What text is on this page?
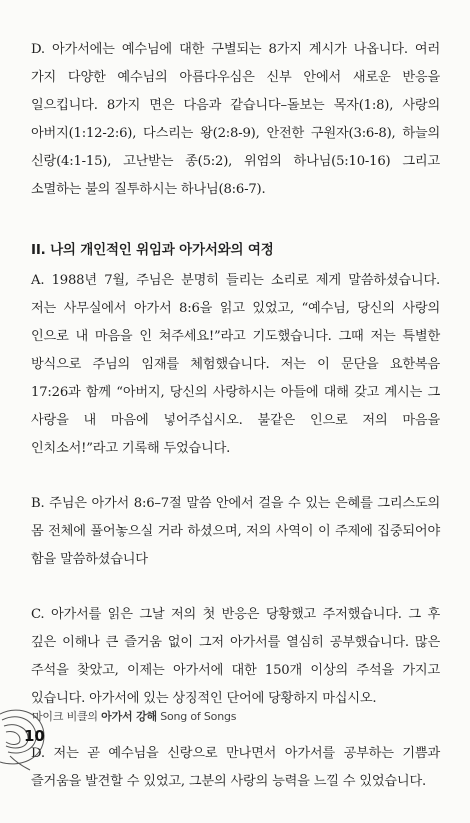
D. 아가서에는 예수님에 대한 구별되는 8가지 계시가 나옵니다. 여러 가지 다양한 예수님의 아름다우심은 신부 안에서 새로운 반응을 일으킵니다. 8가지 면은 다음과 같습니다–돌보는 목자(1:8), 사랑의 아버지(1:12-2:6), 다스리는 왕(2:8-9), 안전한 구원자(3:6-8), 하늘의 신랑(4:1-15), 고난받는 종(5:2), 위엄의 하나님(5:10-16) 그리고 소멸하는 불의 질투하시는 하나님(8:6-7).

II. 나의 개인적인 위임과 아가서와의 여정

A. 1988년 7월, 주님은 분명히 들리는 소리로 제게 말씀하셨습니다. 저는 사무실에서 아가서 8:6을 읽고 있었고, “예수님, 당신의 사랑의 인으로 내 마음을 인 쳐주세요!”라고 기도했습니다. 그때 저는 특별한 방식으로 주님의 임재를 체험했습니다. 저는 이 문단을 요한복음 17:26과 함께 “아버지, 당신의 사랑하시는 아들에 대해 갖고 계시는 그 사랑을 내 마음에 넣어주십시오. 불같은 인으로 저의 마음을 인치소서!”라고 기록해 두었습니다.

B. 주님은 아가서 8:6–7절 말씀 안에서 걸을 수 있는 은혜를 그리스도의 몸 전체에 풀어놓으실 거라 하셨으며, 저의 사역이 이 주제에 집중되어야 함을 말씀하셨습니다

C. 아가서를 읽은 그날 저의 첫 반응은 당황했고 주저했습니다. 그 후 깊은 이해나 큰 즐거움 없이 그저 아가서를 열심히 공부했습니다. 많은 주석을 찾았고, 이제는 아가서에 대한 150개 이상의 주석을 가지고 있습니다. 아가서에 있는 상징적인 단어에 당황하지 마십시오.

D. 저는 곧 예수님을 신랑으로 만나면서 아가서를 공부하는 기쁨과 즐거움을 발견할 수 있었고, 그분의 사랑의 능력을 느낄 수 있었습니다.

마이크 비클의 아가서 강해 Song of Songs
10
